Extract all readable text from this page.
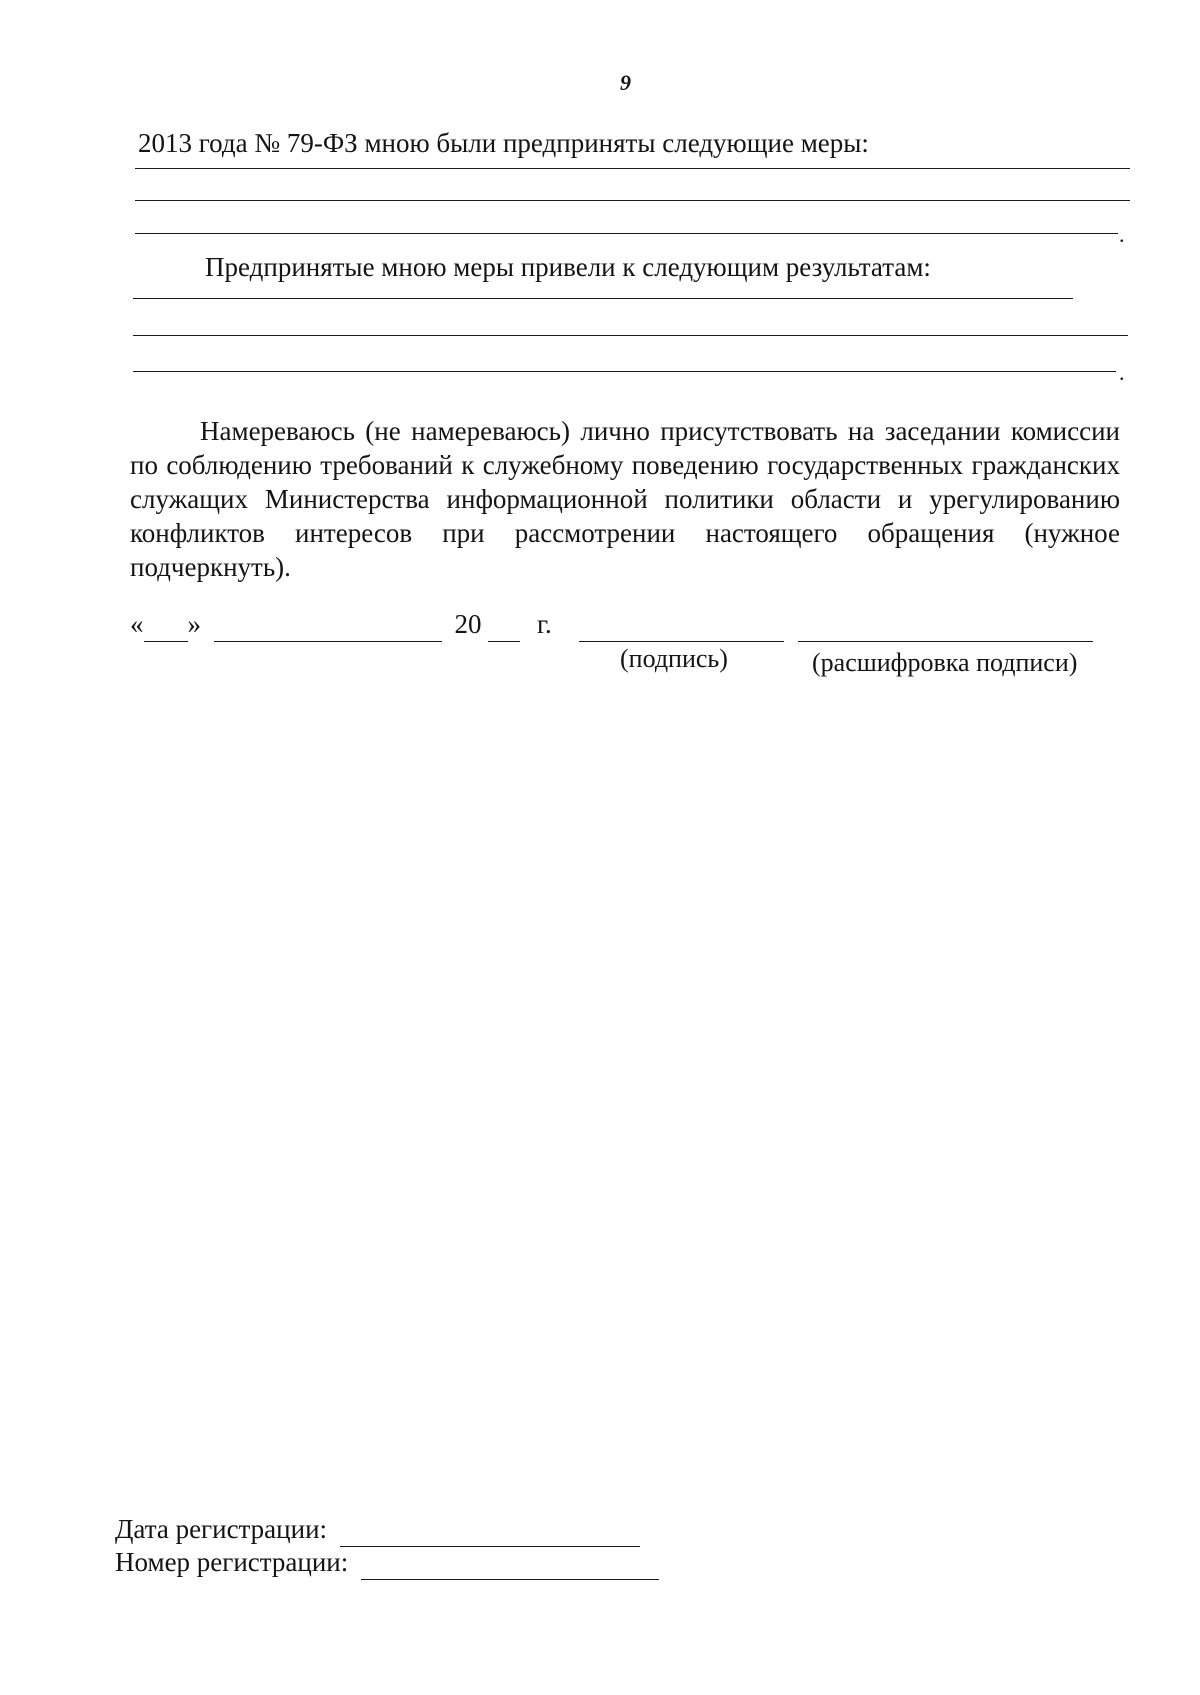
9
2013 года № 79-ФЗ мною были предприняты следующие меры:
.
Предпринятые мною меры привели к следующим результатам:
.
Намереваюсь (не намереваюсь) лично присутствовать на заседании комиссии по соблюдению требований к служебному поведению государственных гражданских служащих Министерства информационной политики области и урегулированию конфликтов интересов при рассмотрении настоящего обращения (нужное подчеркнуть).
« »	20 г.
(подпись)	(расшифровка подписи)
Дата регистрации:
Номер регистрации:
